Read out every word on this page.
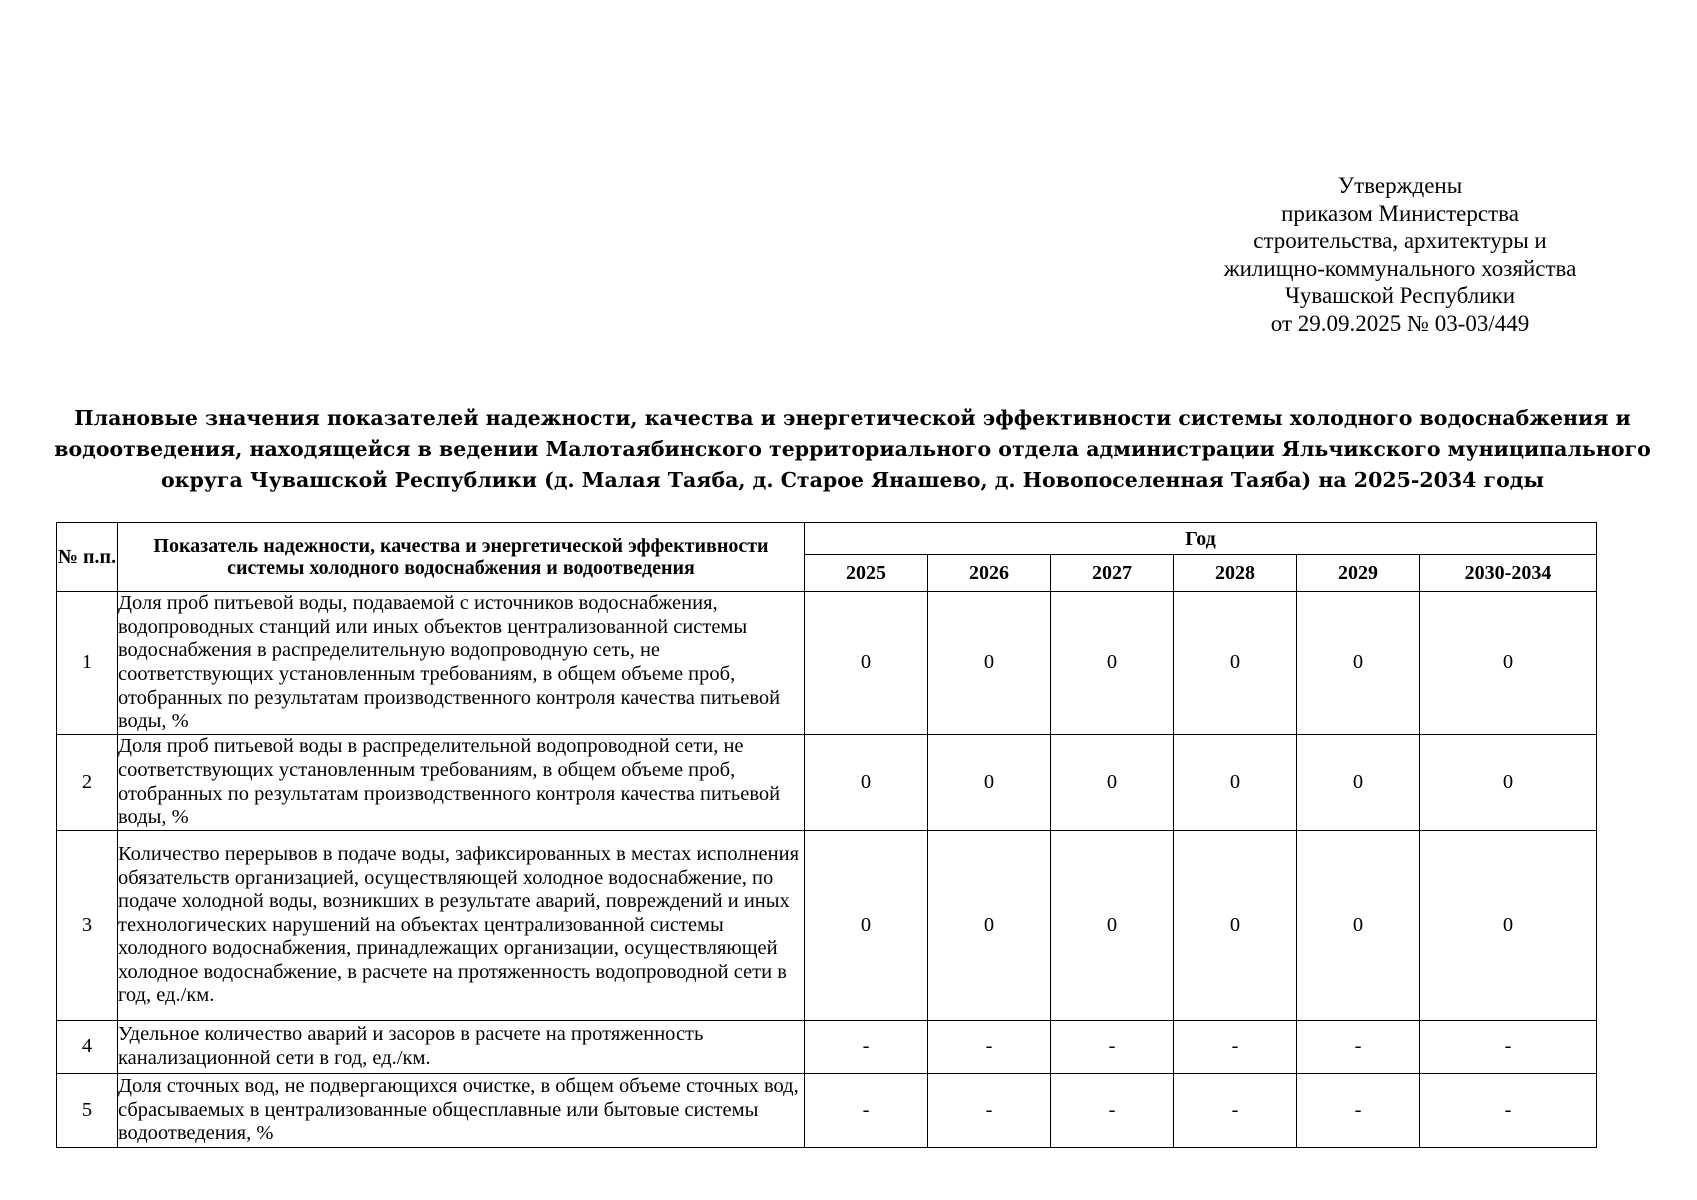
Утверждены
приказом Министерства
строительства, архитектуры и
жилищно-коммунального хозяйства
Чувашской Республики
от 29.09.2025 № 03-03/449
Плановые значения показателей надежности, качества и энергетической эффективности системы холодного водоснабжения и
водоотведения, находящейся в ведении Малотаябинского территориального отдела администрации Яльчикского муниципального
округа Чувашской Республики (д. Малая Таяба, д. Старое Янашево, д. Новопоселенная Таяба) на 2025-2034 годы
№ п.п.	Показатель надежности, качества и энергетической эффективности системы холодного водоснабжения и водоотведения	Год					
		2025	2026	2027	2028	2029	2030-2034
1	Доля проб питьевой воды, подаваемой с источников водоснабжения, водопроводных станций или иных объектов централизованной системы водоснабжения в распределительную водопроводную сеть, не соответствующих установленным требованиям, в общем объеме проб, отобранных по результатам производственного контроля качества питьевой воды, %	0	0	0	0	0	0
2	Доля проб питьевой воды в распределительной водопроводной сети, не соответствующих установленным требованиям, в общем объеме проб, отобранных по результатам производственного контроля качества питьевой воды, %	0	0	0	0	0	0
3	Количество перерывов в подаче воды, зафиксированных в местах исполнения обязательств организацией, осуществляющей холодное водоснабжение, по подаче холодной воды, возникших в результате аварий, повреждений и иных технологических нарушений на объектах централизованной системы холодного водоснабжения, принадлежащих организации, осуществляющей холодное водоснабжение, в расчете на протяженность водопроводной сети в год, ед./км.	0	0	0	0	0	0
4	Удельное количество аварий и засоров в расчете на протяженность канализационной сети в год, ед./км.	-	-	-	-	-	-
5	Доля сточных вод, не подвергающихся очистке, в общем объеме сточных вод, сбрасываемых в централизованные общесплавные или бытовые системы водоотведения, %	-	-	-	-	-	-
